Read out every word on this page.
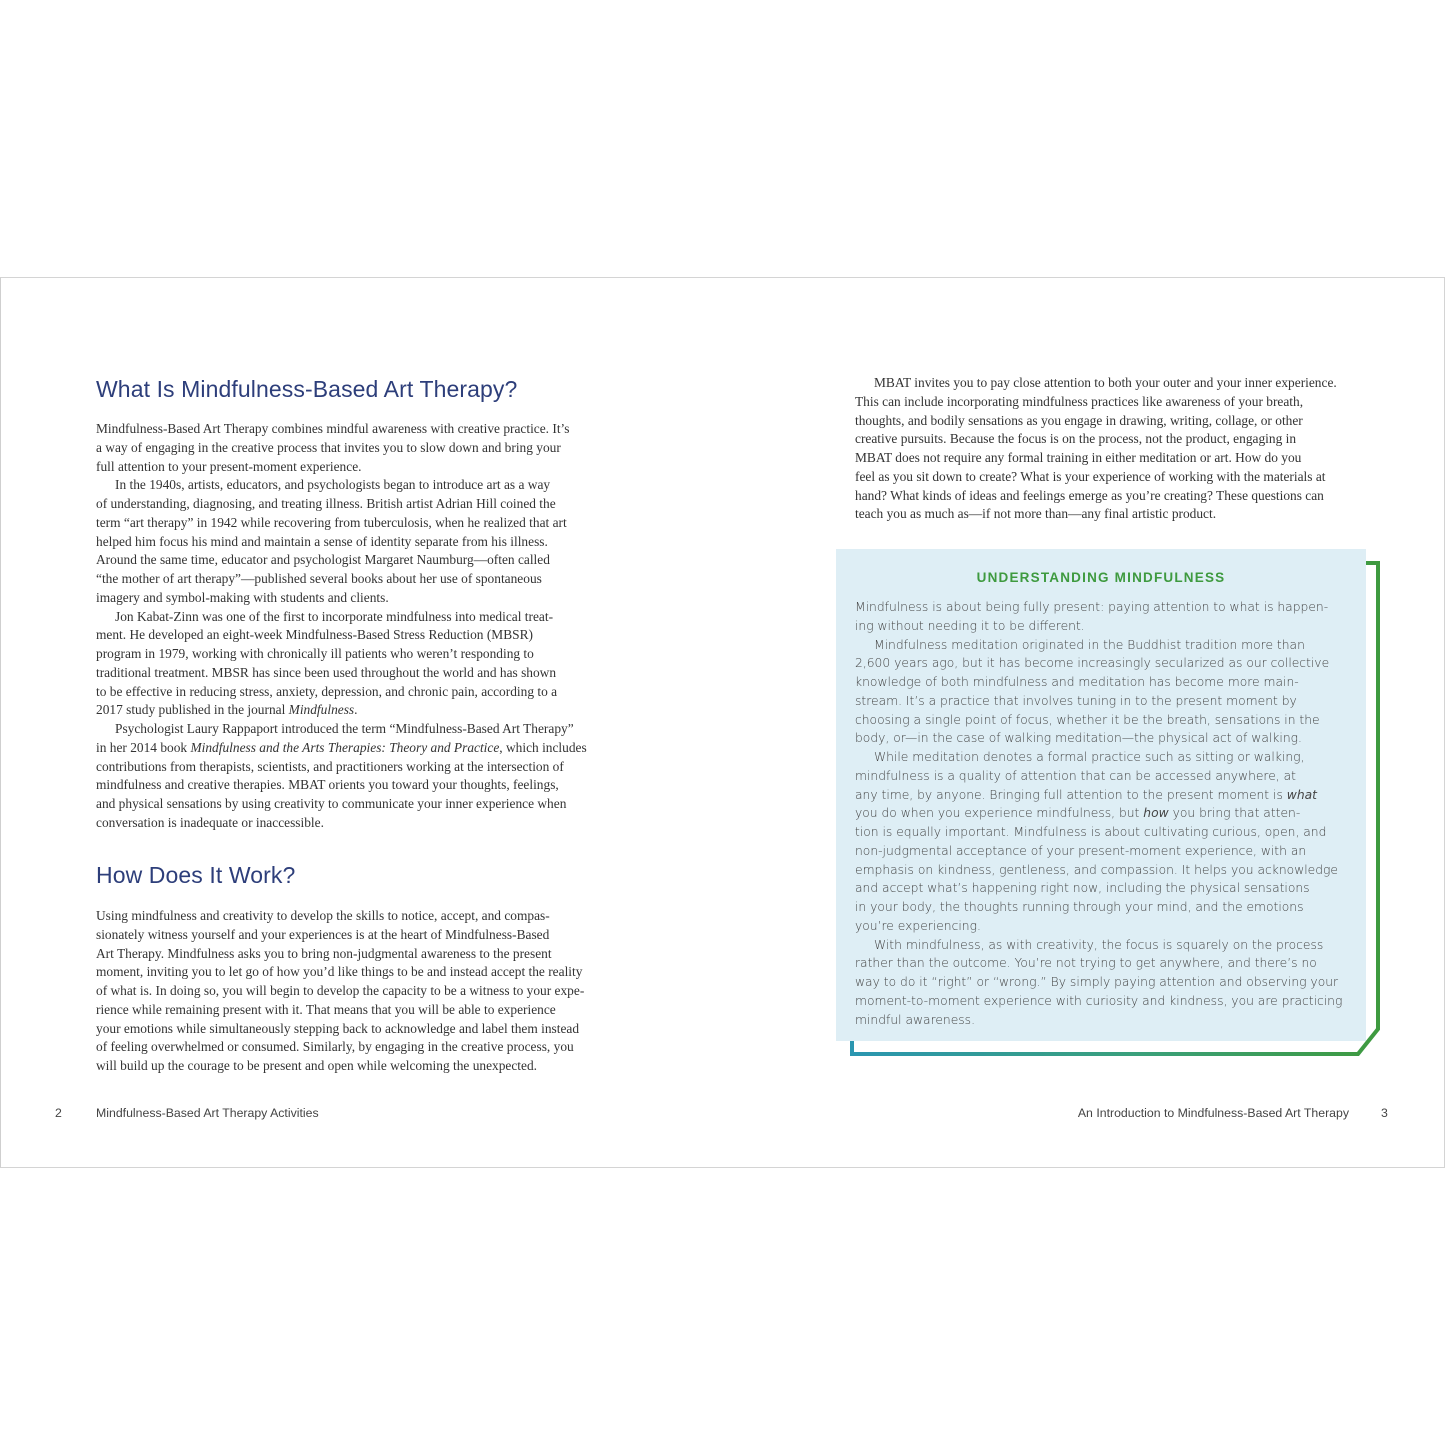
What Is Mindfulness-Based Art Therapy?
Mindfulness-Based Art Therapy combines mindful awareness with creative practice. It’s
a way of engaging in the creative process that invites you to slow down and bring your
full attention to your present-moment experience.
In the 1940s, artists, educators, and psychologists began to introduce art as a way
of understanding, diagnosing, and treating illness. British artist Adrian Hill coined the
term “art therapy” in 1942 while recovering from tuberculosis, when he realized that art
helped him focus his mind and maintain a sense of identity separate from his illness.
Around the same time, educator and psychologist Margaret Naumburg—often called
“the mother of art therapy”—published several books about her use of spontaneous
imagery and symbol-making with students and clients.
Jon Kabat-Zinn was one of the first to incorporate mindfulness into medical treat-
ment. He developed an eight-week Mindfulness-Based Stress Reduction (MBSR)
program in 1979, working with chronically ill patients who weren’t responding to
traditional treatment. MBSR has since been used throughout the world and has shown
to be effective in reducing stress, anxiety, depression, and chronic pain, according to a
2017 study published in the journal Mindfulness.
Psychologist Laury Rappaport introduced the term “Mindfulness-Based Art Therapy”
in her 2014 book Mindfulness and the Arts Therapies: Theory and Practice, which includes
contributions from therapists, scientists, and practitioners working at the intersection of
mindfulness and creative therapies. MBAT orients you toward your thoughts, feelings,
and physical sensations by using creativity to communicate your inner experience when
conversation is inadequate or inaccessible.
How Does It Work?
Using mindfulness and creativity to develop the skills to notice, accept, and compas-
sionately witness yourself and your experiences is at the heart of Mindfulness-Based
Art Therapy. Mindfulness asks you to bring non-judgmental awareness to the present
moment, inviting you to let go of how you’d like things to be and instead accept the reality
of what is. In doing so, you will begin to develop the capacity to be a witness to your expe-
rience while remaining present with it. That means that you will be able to experience
your emotions while simultaneously stepping back to acknowledge and label them instead
of feeling overwhelmed or consumed. Similarly, by engaging in the creative process, you
will build up the courage to be present and open while welcoming the unexpected.
2	Mindfulness-Based Art Therapy Activities
MBAT invites you to pay close attention to both your outer and your inner experience.
This can include incorporating mindfulness practices like awareness of your breath,
thoughts, and bodily sensations as you engage in drawing, writing, collage, or other
creative pursuits. Because the focus is on the process, not the product, engaging in
MBAT does not require any formal training in either meditation or art. How do you
feel as you sit down to create? What is your experience of working with the materials at
hand? What kinds of ideas and feelings emerge as you’re creating? These questions can
teach you as much as—if not more than—any final artistic product.
UNDERSTANDING MINDFULNESS
Mindfulness is about being fully present: paying attention to what is happen-
ing without needing it to be different.
Mindfulness meditation originated in the Buddhist tradition more than
2,600 years ago, but it has become increasingly secularized as our collective
knowledge of both mindfulness and meditation has become more main-
stream. It’s a practice that involves tuning in to the present moment by
choosing a single point of focus, whether it be the breath, sensations in the
body, or—in the case of walking meditation—the physical act of walking.
While meditation denotes a formal practice such as sitting or walking,
mindfulness is a quality of attention that can be accessed anywhere, at
any time, by anyone. Bringing full attention to the present moment is what
you do when you experience mindfulness, but how you bring that atten-
tion is equally important. Mindfulness is about cultivating curious, open, and
non-judgmental acceptance of your present-moment experience, with an
emphasis on kindness, gentleness, and compassion. It helps you acknowledge
and accept what’s happening right now, including the physical sensations
in your body, the thoughts running through your mind, and the emotions
you’re experiencing.
With mindfulness, as with creativity, the focus is squarely on the process
rather than the outcome. You’re not trying to get anywhere, and there’s no
way to do it “right” or “wrong.” By simply paying attention and observing your
moment-to-moment experience with curiosity and kindness, you are practicing
mindful awareness.
An Introduction to Mindfulness-Based Art Therapy	3
